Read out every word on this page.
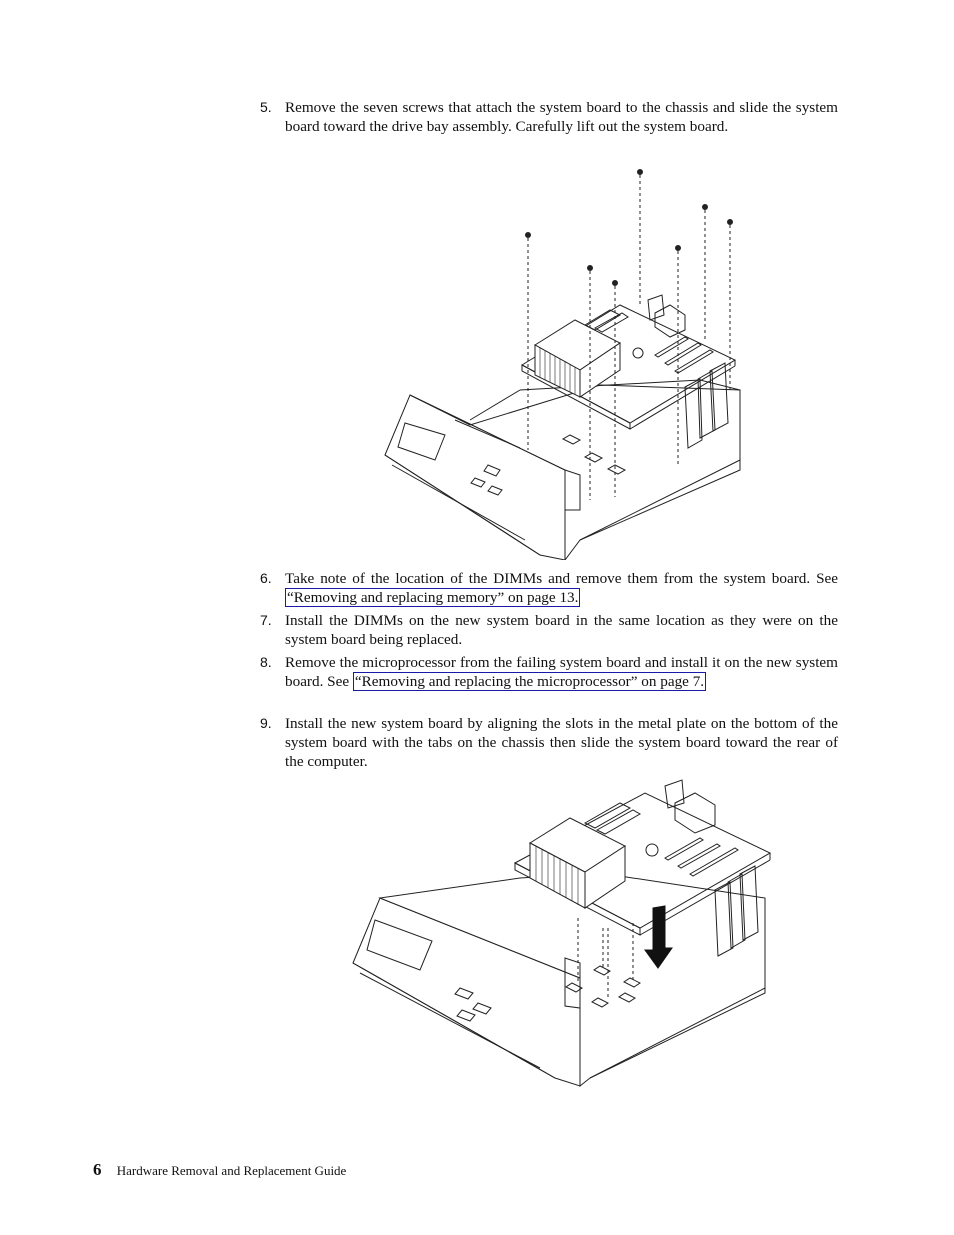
5. Remove the seven screws that attach the system board to the chassis and slide the system board toward the drive bay assembly. Carefully lift out the system board.
6. Take note of the location of the DIMMs and remove them from the system board. See “Removing and replacing memory” on page 13.
7. Install the DIMMs on the new system board in the same location as they were on the system board being replaced.
8. Remove the microprocessor from the failing system board and install it on the new system board. See “Removing and replacing the microprocessor” on page 7.
9. Install the new system board by aligning the slots in the metal plate on the bottom of the system board with the tabs on the chassis then slide the system board toward the rear of the computer.
6 Hardware Removal and Replacement Guide
